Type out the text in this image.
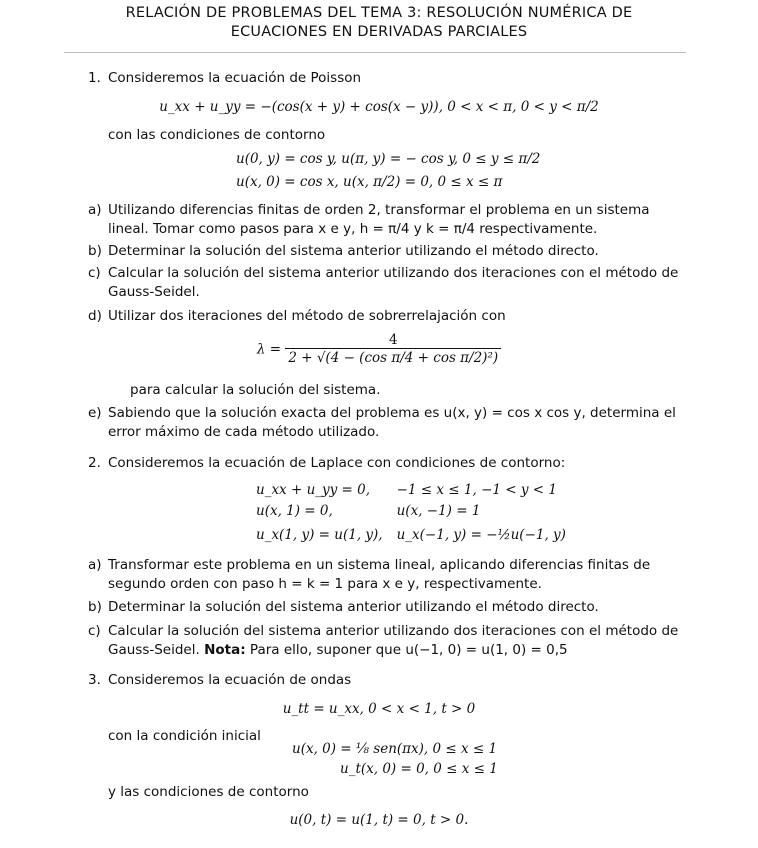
RELACIÓN DE PROBLEMAS DEL TEMA 3: RESOLUCIÓN NUMÉRICA DE
ECUACIONES EN DERIVADAS PARCIALES
1. Consideremos la ecuación de Poisson
u_xx + u_yy = −(cos(x + y) + cos(x − y)), 0 < x < π, 0 < y < π/2
con las condiciones de contorno
u(0, y) = cos y, u(π, y) = − cos y, 0 ≤ y ≤ π/2
u(x, 0) = cos x, u(x, π/2) = 0, 0 ≤ x ≤ π
a) Utilizando diferencias finitas de orden 2, transformar el problema en un sistema lineal. Tomar como pasos para x e y, h = π/4 y k = π/4 respectivamente.
b) Determinar la solución del sistema anterior utilizando el método directo.
c) Calcular la solución del sistema anterior utilizando dos iteraciones con el método de Gauss-Seidel.
d) Utilizar dos iteraciones del método de sobrerrelajación con
$\lambda = \frac{4}{\text{2 + √(4 − (cos π/4 + cos π/2)²)}}$
para calcular la solución del sistema.
e) Sabiendo que la solución exacta del problema es u(x, y) = cos x cos y, determina el error máximo de cada método utilizado.
2. Consideremos la ecuación de Laplace con condiciones de contorno:
u_xx + u_yy = 0,	−1 ≤ x ≤ 1, −1 < y < 1
u(x, 1) = 0,	u(x, −1) = 1
u_x(1, y) = u(1, y),	u_x(−1, y) = −½u(−1, y)
a) Transformar este problema en un sistema lineal, aplicando diferencias finitas de segundo orden con paso h = k = 1 para x e y, respectivamente.
b) Determinar la solución del sistema anterior utilizando el método directo.
c) Calcular la solución del sistema anterior utilizando dos iteraciones con el método de Gauss-Seidel. Nota: Para ello, suponer que u(−1, 0) = u(1, 0) = 0,5
3. Consideremos la ecuación de ondas
u_tt = u_xx, 0 < x < 1, t > 0
con la condición inicial
u(x, 0) = ⅛ sen(πx), 0 ≤ x ≤ 1
u_t(x, 0) = 0, 0 ≤ x ≤ 1
y las condiciones de contorno
u(0, t) = u(1, t) = 0, t > 0.
